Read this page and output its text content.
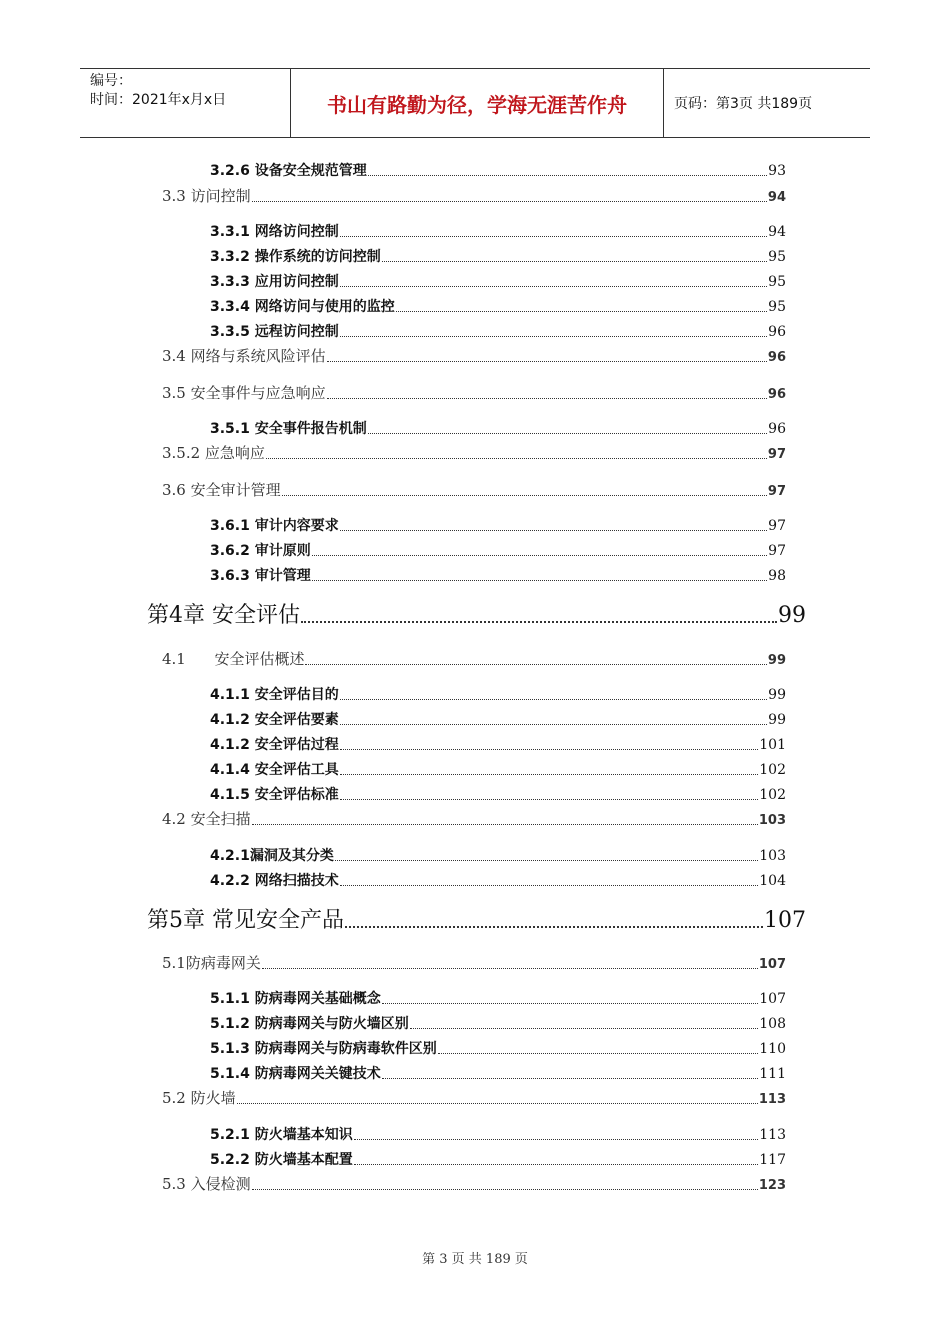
编号：
时间：2021年x月x日	书山有路勤为径，学海无涯苦作舟	页码：第3页 共189页
3.2.6 设备安全规范管理	93
3.3 访问控制	94
3.3.1 网络访问控制	94
3.3.2 操作系统的访问控制	95
3.3.3 应用访问控制	95
3.3.4 网络访问与使用的监控	95
3.3.5 远程访问控制	96
3.4 网络与系统风险评估	96
3.5 安全事件与应急响应	96
3.5.1 安全事件报告机制	96
3.5.2 应急响应	97
3.6 安全审计管理	97
3.6.1 审计内容要求	97
3.6.2 审计原则	97
3.6.3 审计管理	98
第4章 安全评估	99
4.1      安全评估概述	99
4.1.1 安全评估目的	99
4.1.2 安全评估要素	99
4.1.2 安全评估过程	101
4.1.4 安全评估工具	102
4.1.5 安全评估标准	102
4.2 安全扫描	103
4.2.1漏洞及其分类	103
4.2.2 网络扫描技术	104
第5章 常见安全产品	107
5.1防病毒网关	107
5.1.1 防病毒网关基础概念	107
5.1.2 防病毒网关与防火墙区别	108
5.1.3 防病毒网关与防病毒软件区别	110
5.1.4 防病毒网关关键技术	111
5.2 防火墙	113
5.2.1 防火墙基本知识	113
5.2.2 防火墙基本配置	117
5.3 入侵检测	123
第 3 页 共 189 页
